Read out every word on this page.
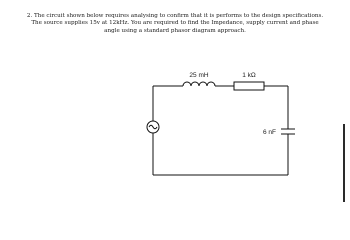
2. The circuit shown below requires analysing to confirm that it is performs to the design specifications.
The source supplies 15v at 12kHz. You are required to find the Impedance, supply current and phase
angle using a standard phasor diagram approach.
25 mH	1 kΩ
6 nF
